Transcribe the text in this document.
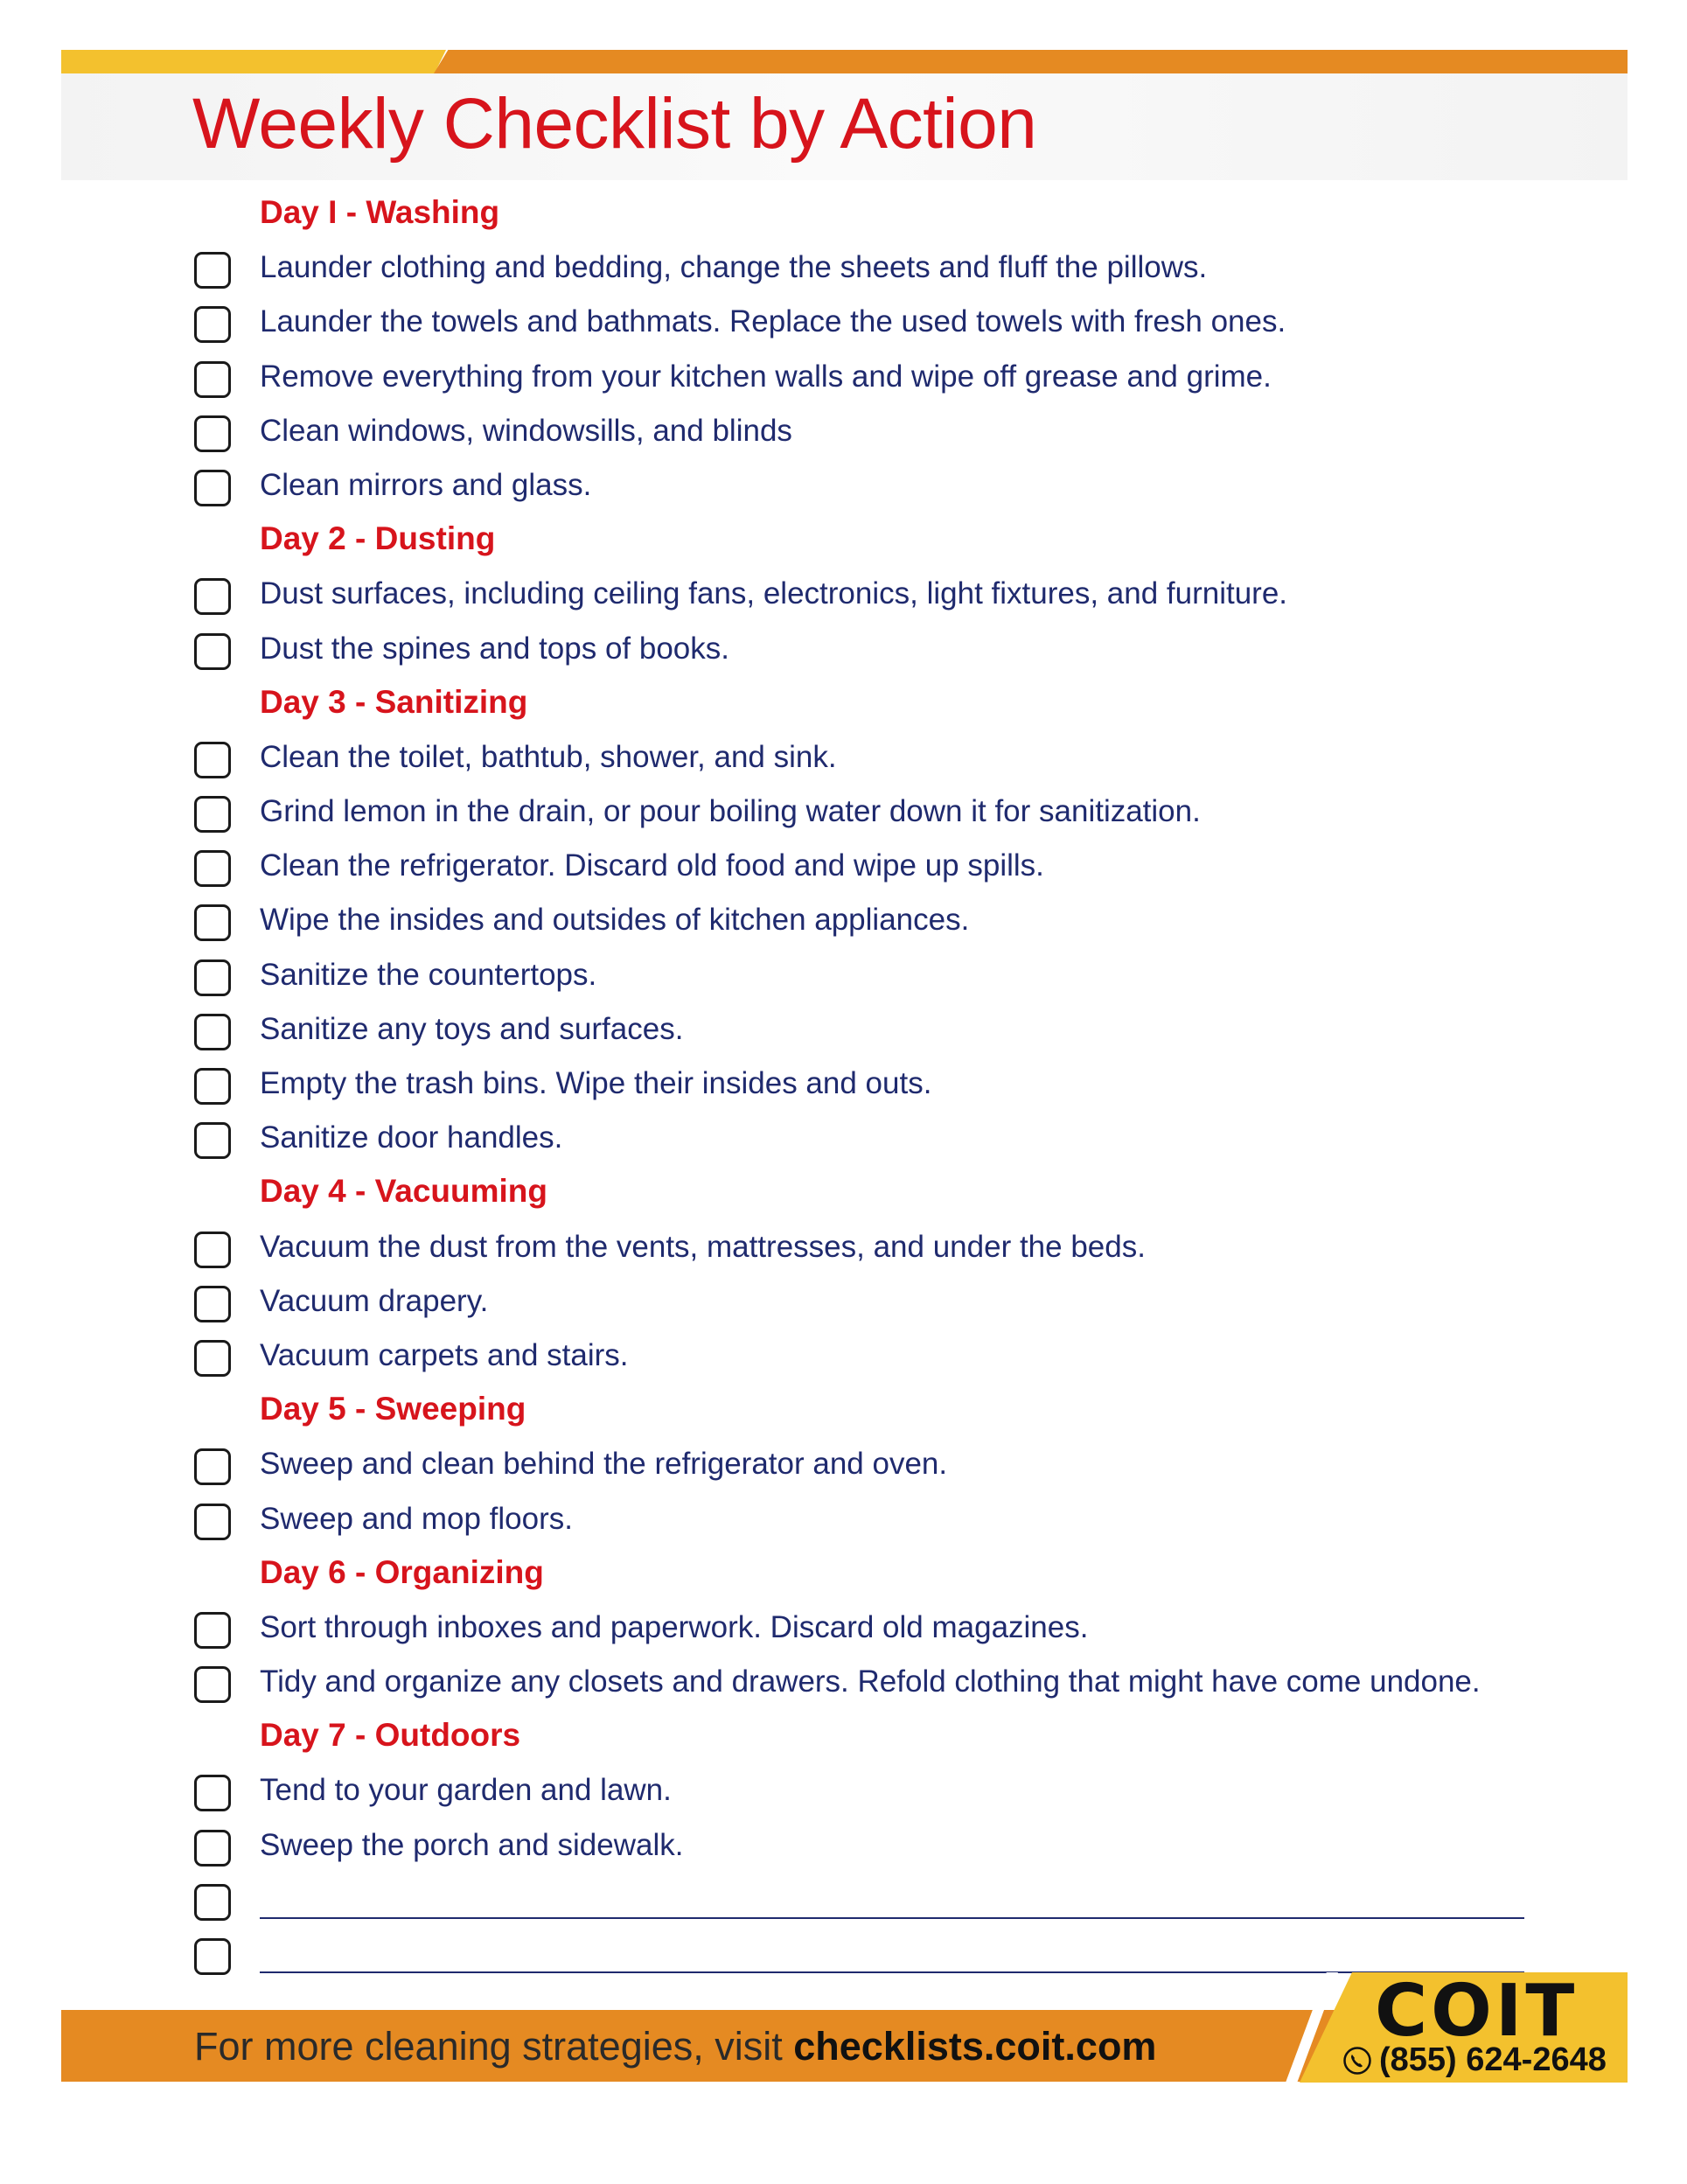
Weekly Checklist by Action
Day I - Washing
Launder clothing and bedding, change the sheets and fluff the pillows.
Launder the towels and bathmats. Replace the used towels with fresh ones.
Remove everything from your kitchen walls and wipe off grease and grime.
Clean windows, windowsills, and blinds
Clean mirrors and glass.
Day 2 - Dusting
Dust surfaces, including ceiling fans, electronics, light fixtures, and furniture.
Dust the spines and tops of books.
Day 3 - Sanitizing
Clean the toilet, bathtub, shower, and sink.
Grind lemon in the drain, or pour boiling water down it for sanitization.
Clean the refrigerator. Discard old food and wipe up spills.
Wipe the insides and outsides of kitchen appliances.
Sanitize the countertops.
Sanitize any toys and surfaces.
Empty the trash bins. Wipe their insides and outs.
Sanitize door handles.
Day 4 - Vacuuming
Vacuum the dust from the vents, mattresses, and under the beds.
Vacuum drapery.
Vacuum carpets and stairs.
Day 5 - Sweeping
Sweep and clean behind the refrigerator and oven.
Sweep and mop floors.
Day 6 - Organizing
Sort through inboxes and paperwork. Discard old magazines.
Tidy and organize any closets and drawers. Refold clothing that might have come undone.
Day 7 - Outdoors
Tend to your garden and lawn.
Sweep the porch and sidewalk.
For more cleaning strategies, visit checklists.coit.com	COIT
(855) 624-2648
